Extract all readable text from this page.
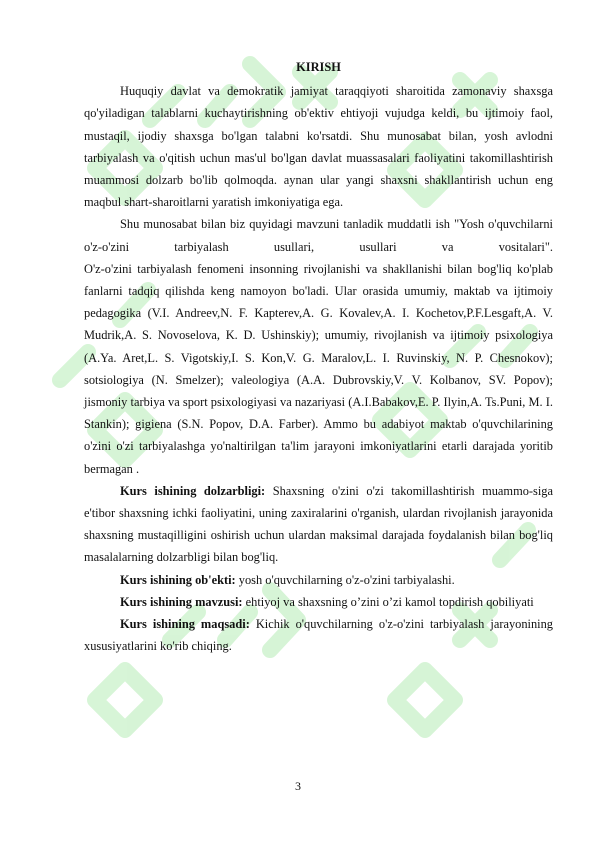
KIRISH

Huquqiy davlat va demokratik jamiyat taraqqiyoti sharoitida zamonaviy shaxsga qo'yiladigan talablarni kuchaytirishning ob'ektiv ehtiyoji vujudga keldi, bu ijtimoiy faol, mustaqil, ijodiy shaxsga bo'lgan talabni ko'rsatdi. Shu munosabat bilan, yosh avlodni tarbiyalash va o'qitish uchun mas'ul bo'lgan davlat muassasalari faoliyatini takomillashtirish muammosi dolzarb bo'lib qolmoqda. aynan ular yangi shaxsni shakllantirish uchun eng maqbul shart-sharoitlarni yaratish imkoniyatiga ega.

Shu munosabat bilan biz quyidagi mavzuni tanladik muddatli ish "Yosh o'quvchilarni o'z-o'zini tarbiyalash usullari, usullari va vositalari".

O'z-o'zini tarbiyalash fenomeni insonning rivojlanishi va shakllanishi bilan bog'liq ko'plab fanlarni tadqiq qilishda keng namoyon bo'ladi. Ular orasida umumiy, maktab va ijtimoiy pedagogika (V.I. Andreev,N. F. Kapterev,A. G. Kovalev,A. I. Kochetov,P.F.Lesgaft,A. V. Mudrik,A. S. Novoselova, K. D. Ushinskiy); umumiy, rivojlanish va ijtimoiy psixologiya (A.Ya. Aret,L. S. Vigotskiy,I. S. Kon,V. G. Maralov,L. I. Ruvinskiy, N. P. Chesnokov); sotsiologiya (N. Smelzer); valeologiya (A.A. Dubrovskiy,V. V. Kolbanov, SV. Popov); jismoniy tarbiya va sport psixologiyasi va nazariyasi (A.I.Babakov,E. P. Ilyin,A. Ts.Puni, M. I. Stankin); gigiena (S.N. Popov, D.A. Farber). Ammo bu adabiyot maktab o'quvchilarining o'zini o'zi tarbiyalashga yo'naltirilgan ta'lim jarayoni imkoniyatlarini etarli darajada yoritib bermagan .

Kurs ishining dolzarbligi: Shaxsning o'zini o'zi takomillashtirish muammo-siga e'tibor shaxsning ichki faoliyatini, uning zaxiralarini o'rganish, ulardan rivojlanish jarayonida shaxsning mustaqilligini oshirish uchun ulardan maksimal darajada foydalanish bilan bog'liq masalalarning dolzarbligi bilan bog'liq.

Kurs ishining ob'ekti: yosh o'quvchilarning o'z-o'zini tarbiyalashi.

Kurs ishining mavzusi: ehtiyoj va shaxsning o’zini o’zi kamol topdirish qobiliyati

Kurs ishining maqsadi: Kichik o'quvchilarning o'z-o'zini tarbiyalash jarayonining xususiyatlarini ko'rib chiqing.

3
